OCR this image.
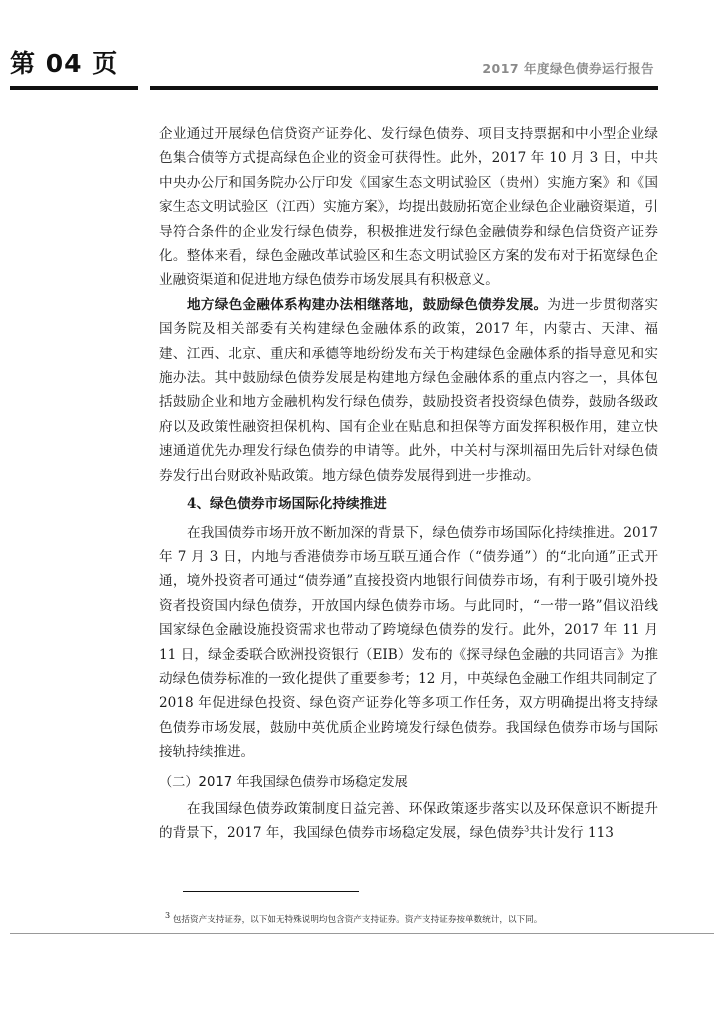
第 04 页	2017 年度绿色债券运行报告

企业通过开展绿色信贷资产证券化、发行绿色债券、项目支持票据和中小型企业绿色集合债等方式提高绿色企业的资金可获得性。此外，2017 年 10 月 3 日，中共中央办公厅和国务院办公厅印发《国家生态文明试验区（贵州）实施方案》和《国家生态文明试验区（江西）实施方案》，均提出鼓励拓宽企业绿色企业融资渠道，引导符合条件的企业发行绿色债券，积极推进发行绿色金融债券和绿色信贷资产证券化。整体来看，绿色金融改革试验区和生态文明试验区方案的发布对于拓宽绿色企业融资渠道和促进地方绿色债券市场发展具有积极意义。

地方绿色金融体系构建办法相继落地，鼓励绿色债券发展。为进一步贯彻落实国务院及相关部委有关构建绿色金融体系的政策，2017 年，内蒙古、天津、福建、江西、北京、重庆和承德等地纷纷发布关于构建绿色金融体系的指导意见和实施办法。其中鼓励绿色债券发展是构建地方绿色金融体系的重点内容之一，具体包括鼓励企业和地方金融机构发行绿色债券，鼓励投资者投资绿色债券，鼓励各级政府以及政策性融资担保机构、国有企业在贴息和担保等方面发挥积极作用，建立快速通道优先办理发行绿色债券的申请等。此外，中关村与深圳福田先后针对绿色债券发行出台财政补贴政策。地方绿色债券发展得到进一步推动。

4、绿色债券市场国际化持续推进

在我国债券市场开放不断加深的背景下，绿色债券市场国际化持续推进。2017 年 7 月 3 日，内地与香港债券市场互联互通合作（“债券通”）的“北向通”正式开通，境外投资者可通过“债券通”直接投资内地银行间债券市场，有利于吸引境外投资者投资国内绿色债券，开放国内绿色债券市场。与此同时，“一带一路”倡议沿线国家绿色金融设施投资需求也带动了跨境绿色债券的发行。此外，2017 年 11 月 11 日，绿金委联合欧洲投资银行（EIB）发布的《探寻绿色金融的共同语言》为推动绿色债券标准的一致化提供了重要参考；12 月，中英绿色金融工作组共同制定了 2018 年促进绿色投资、绿色资产证券化等多项工作任务，双方明确提出将支持绿色债券市场发展，鼓励中英优质企业跨境发行绿色债券。我国绿色债券市场与国际接轨持续推进。

（二）2017 年我国绿色债券市场稳定发展

在我国绿色债券政策制度日益完善、环保政策逐步落实以及环保意识不断提升的背景下，2017 年，我国绿色债券市场稳定发展，绿色债券$^3$共计发行 113

$^3$ 包括资产支持证券，以下如无特殊说明均包含资产支持证券。资产支持证券按单数统计，以下同。
